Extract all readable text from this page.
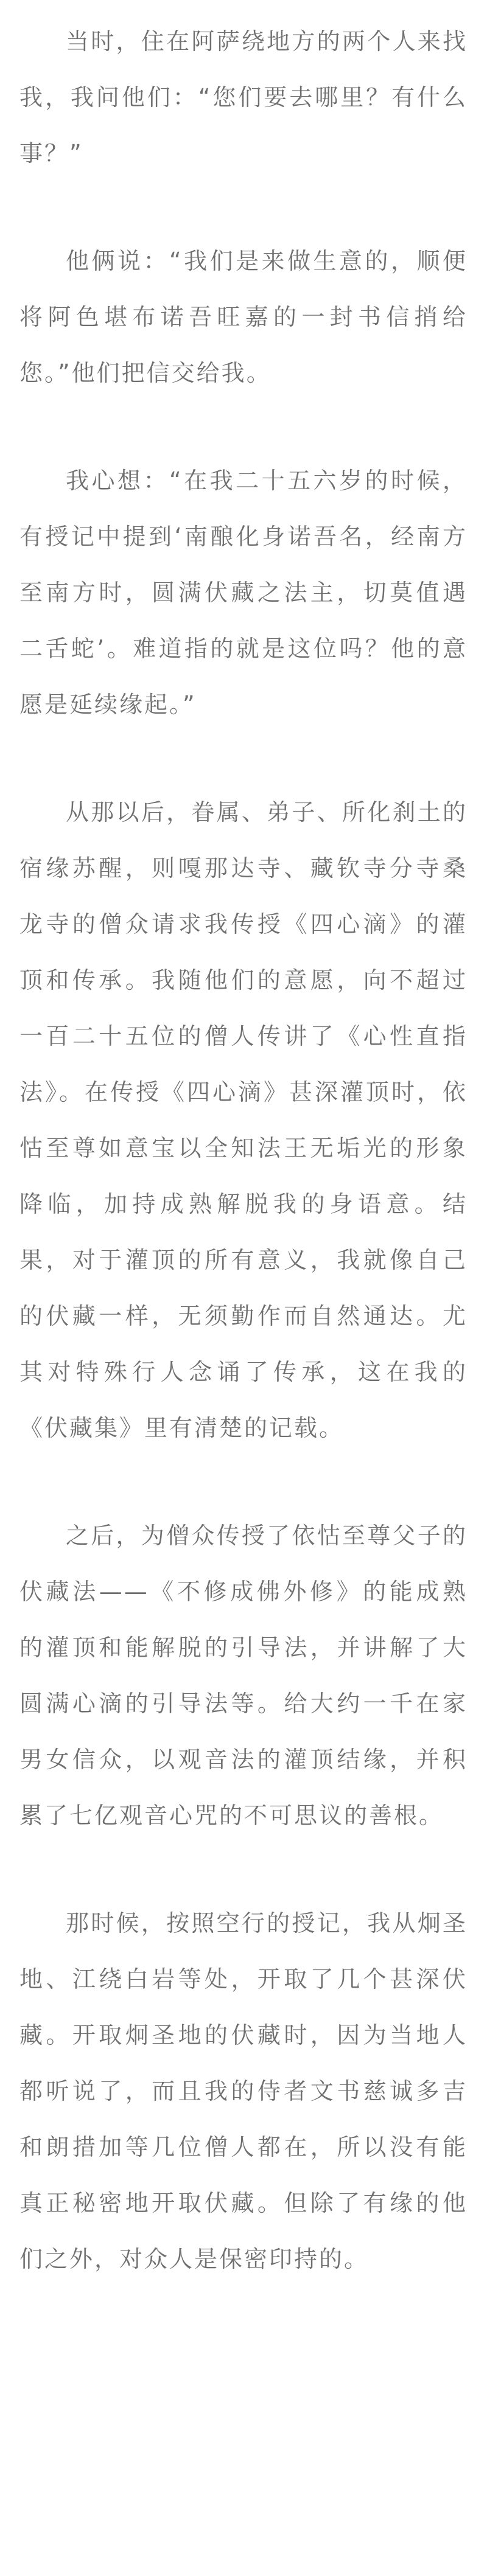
当时，住在阿萨绕地方的两个人来找我，我问他们：“您们要去哪里？有什么事？”

他俩说：“我们是来做生意的，顺便将阿色堪布诺吾旺嘉的一封书信捎给您。”他们把信交给我。

我心想：“在我二十五六岁的时候，有授记中提到‘南酿化身诺吾名，经南方至南方时，圆满伏藏之法主，切莫值遇二舌蛇’。难道指的就是这位吗？他的意愿是延续缘起。”

从那以后，眷属、弟子、所化刹土的宿缘苏醒，则嘎那达寺、藏钦寺分寺桑龙寺的僧众请求我传授《四心滴》的灌顶和传承。我随他们的意愿，向不超过一百二十五位的僧人传讲了《心性直指法》。在传授《四心滴》甚深灌顶时，依怙至尊如意宝以全知法王无垢光的形象降临，加持成熟解脱我的身语意。结果，对于灌顶的所有意义，我就像自己的伏藏一样，无须勤作而自然通达。尤其对特殊行人念诵了传承，这在我的《伏藏集》里有清楚的记载。

之后，为僧众传授了依怙至尊父子的伏藏法——《不修成佛外修》的能成熟的灌顶和能解脱的引导法，并讲解了大圆满心滴的引导法等。给大约一千在家男女信众，以观音法的灌顶结缘，并积累了七亿观音心咒的不可思议的善根。

那时候，按照空行的授记，我从炯圣地、江绕白岩等处，开取了几个甚深伏藏。开取炯圣地的伏藏时，因为当地人都听说了，而且我的侍者文书慈诚多吉和朗措加等几位僧人都在，所以没有能真正秘密地开取伏藏。但除了有缘的他们之外，对众人是保密印持的。
